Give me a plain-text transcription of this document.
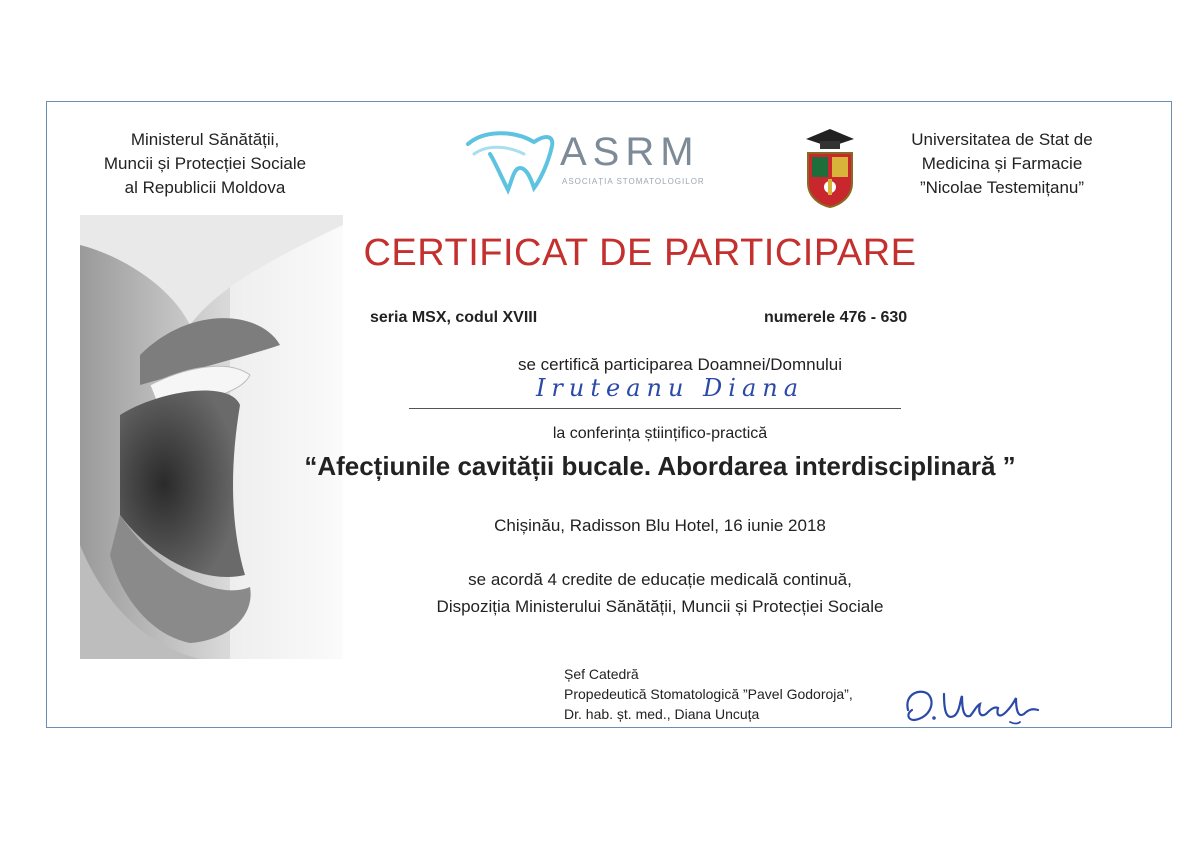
Ministerul Sănătății,
Muncii și Protecției Sociale
al Republicii Moldova
ASRM
ASOCIAȚIA STOMATOLOGILOR
Universitatea de Stat de
Medicina și Farmacie
”Nicolae Testemițanu”
CERTIFICAT DE PARTICIPARE
seria MSX, codul XVIII	numerele 476 - 630
se certifică participarea Doamnei/Domnului
Iruteanu Diana
la conferința științifico-practică
“Afecțiunile cavității bucale. Abordarea interdisciplinară ”
Chișinău, Radisson Blu Hotel, 16 iunie 2018
se acordă 4 credite de educație medicală continuă,
Dispoziția Ministerului Sănătății, Muncii și Protecției Sociale
Șef Catedră
Propedeutică Stomatologică ”Pavel Godoroja”,
Dr. hab. șt. med., Diana Uncuța
